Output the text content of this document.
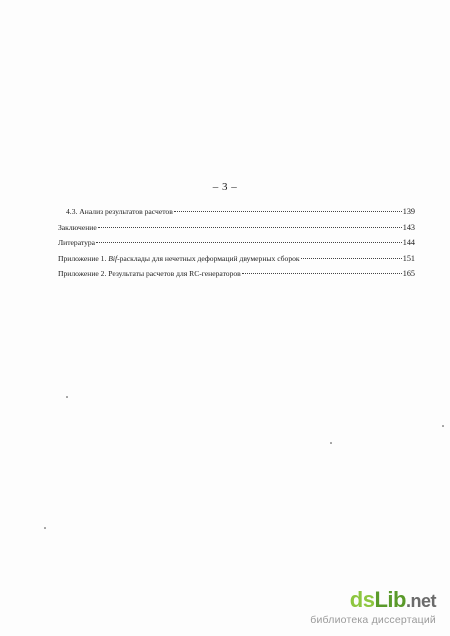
– 3 –
4.3. Анализ результатов расчетов	139
Заключение	143
Литература	144
Приложение 1. Bif-расклады для нечетных деформаций двумерных сборок	151
Приложение 2. Результаты расчетов для RC-генераторов	165
dsLib.net
библиотека диссертаций
